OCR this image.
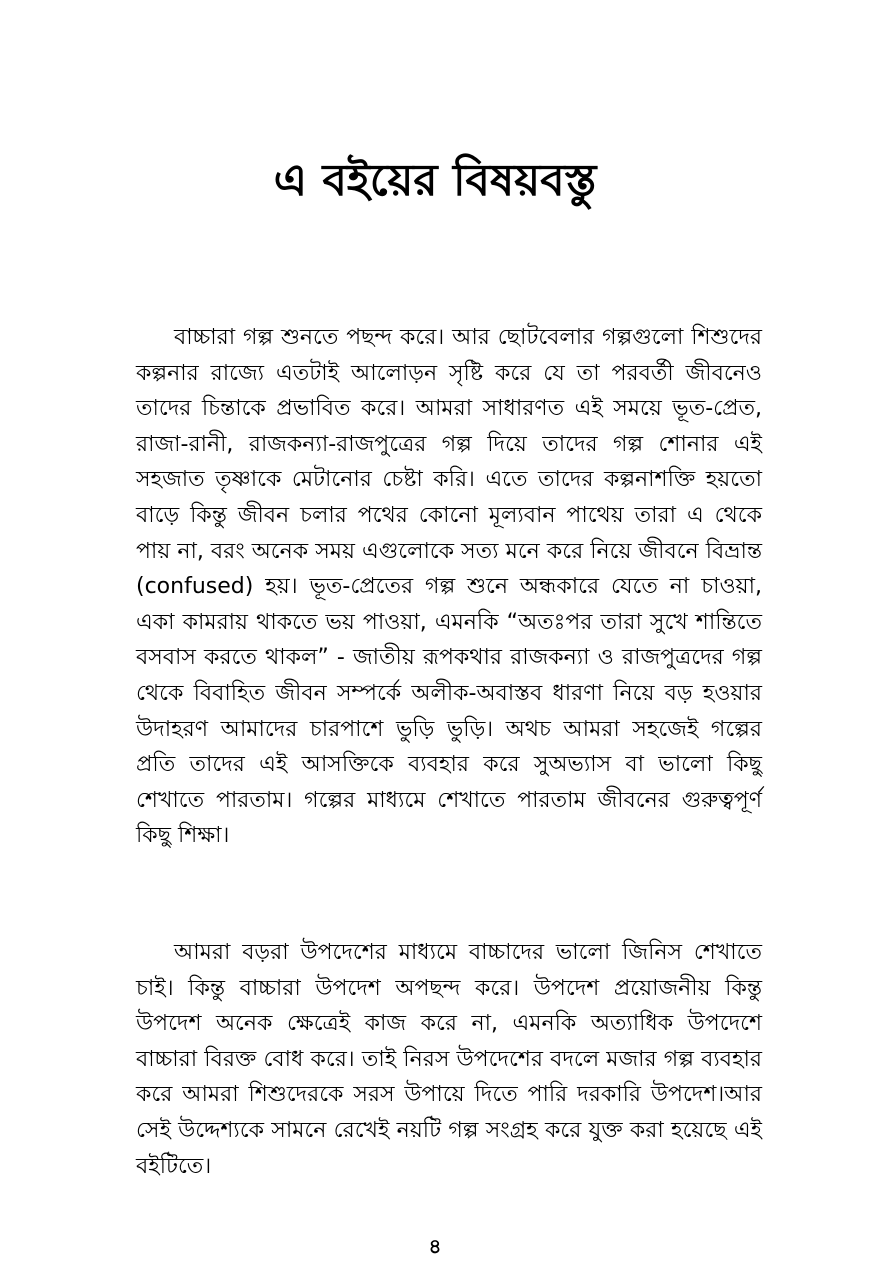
এ বইয়ের বিষয়বস্তু

বাচ্চারা গল্প শুনতে পছন্দ করে। আর ছোটবেলার গল্পগুলো শিশুদের কল্পনার রাজ্যে এতটাই আলোড়ন সৃষ্টি করে যে তা পরবর্তী জীবনেও তাদের চিন্তাকে প্রভাবিত করে। আমরা সাধারণত এই সময়ে ভূত-প্রেত, রাজা-রানী, রাজকন্যা-রাজপুত্রের গল্প দিয়ে তাদের গল্প শোনার এই সহজাত তৃষ্ণাকে মেটানোর চেষ্টা করি। এতে তাদের কল্পনাশক্তি হয়তো বাড়ে কিন্তু জীবন চলার পথের কোনো মূল্যবান পাথেয় তারা এ থেকে পায় না, বরং অনেক সময় এগুলোকে সত্য মনে করে নিয়ে জীবনে বিভ্রান্ত (confused) হয়। ভূত-প্রেতের গল্প শুনে অন্ধকারে যেতে না চাওয়া, একা কামরায় থাকতে ভয় পাওয়া, এমনকি “অতঃপর তারা সুখে শান্তিতে বসবাস করতে থাকল” - জাতীয় রূপকথার রাজকন্যা ও রাজপুত্রদের গল্প থেকে বিবাহিত জীবন সম্পর্কে অলীক-অবাস্তব ধারণা নিয়ে বড় হওয়ার উদাহরণ আমাদের চারপাশে ভুড়ি ভুড়ি। অথচ আমরা সহজেই গল্পের প্রতি তাদের এই আসক্তিকে ব্যবহার করে সুঅভ্যাস বা ভালো কিছু শেখাতে পারতাম। গল্পের মাধ্যমে শেখাতে পারতাম জীবনের গুরুত্বপূর্ণ কিছু শিক্ষা।

আমরা বড়রা উপদেশের মাধ্যমে বাচ্চাদের ভালো জিনিস শেখাতে চাই। কিন্তু বাচ্চারা উপদেশ অপছন্দ করে। উপদেশ প্রয়োজনীয় কিন্তু উপদেশ অনেক ক্ষেত্রেই কাজ করে না, এমনকি অত্যাধিক উপদেশে বাচ্চারা বিরক্ত বোধ করে। তাই নিরস উপদেশের বদলে মজার গল্প ব্যবহার করে আমরা শিশুদেরকে সরস উপায়ে দিতে পারি দরকারি উপদেশ।আর সেই উদ্দেশ্যকে সামনে রেখেই নয়টি গল্প সংগ্রহ করে যুক্ত করা হয়েছে এই বইটিতে।

৪
